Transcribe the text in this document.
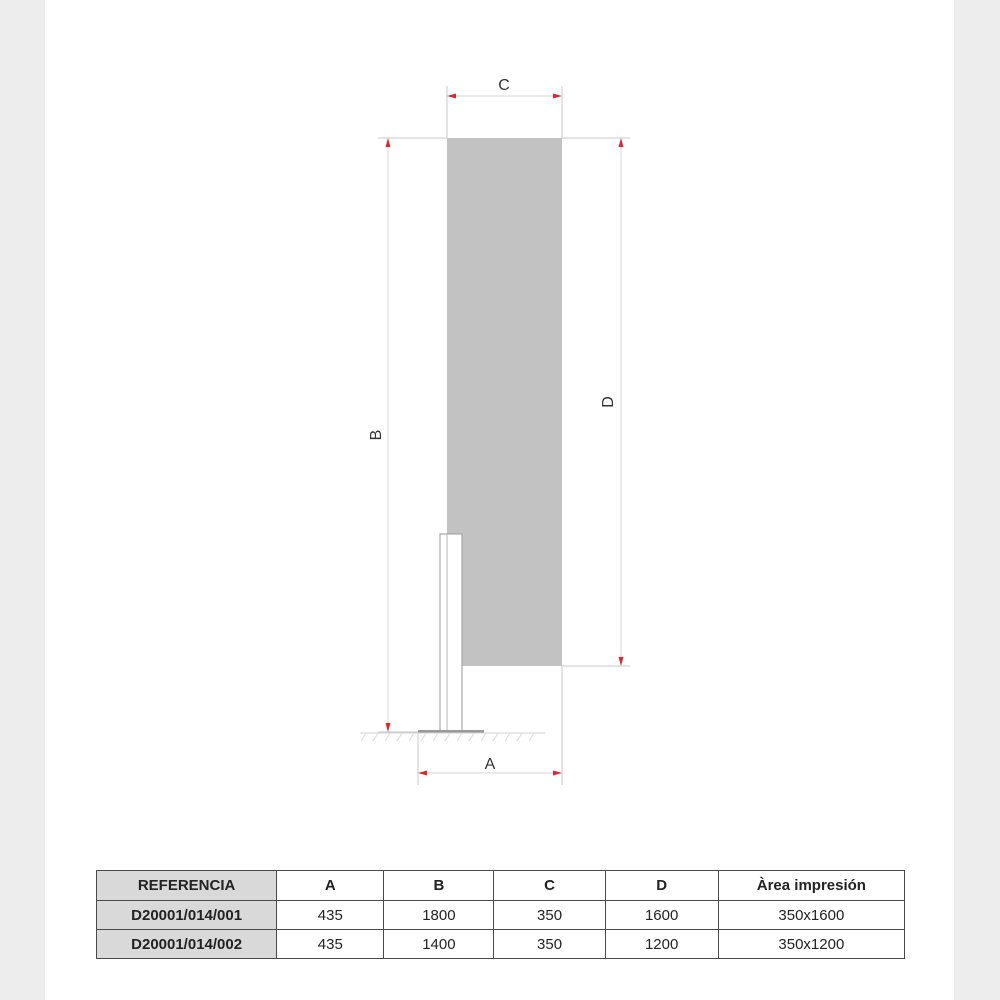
C
A
B
D
REFERENCIA	A	B	C	D	Àrea impresión
D20001/014/001	435	1800	350	1600	350x1600
D20001/014/002	435	1400	350	1200	350x1200
